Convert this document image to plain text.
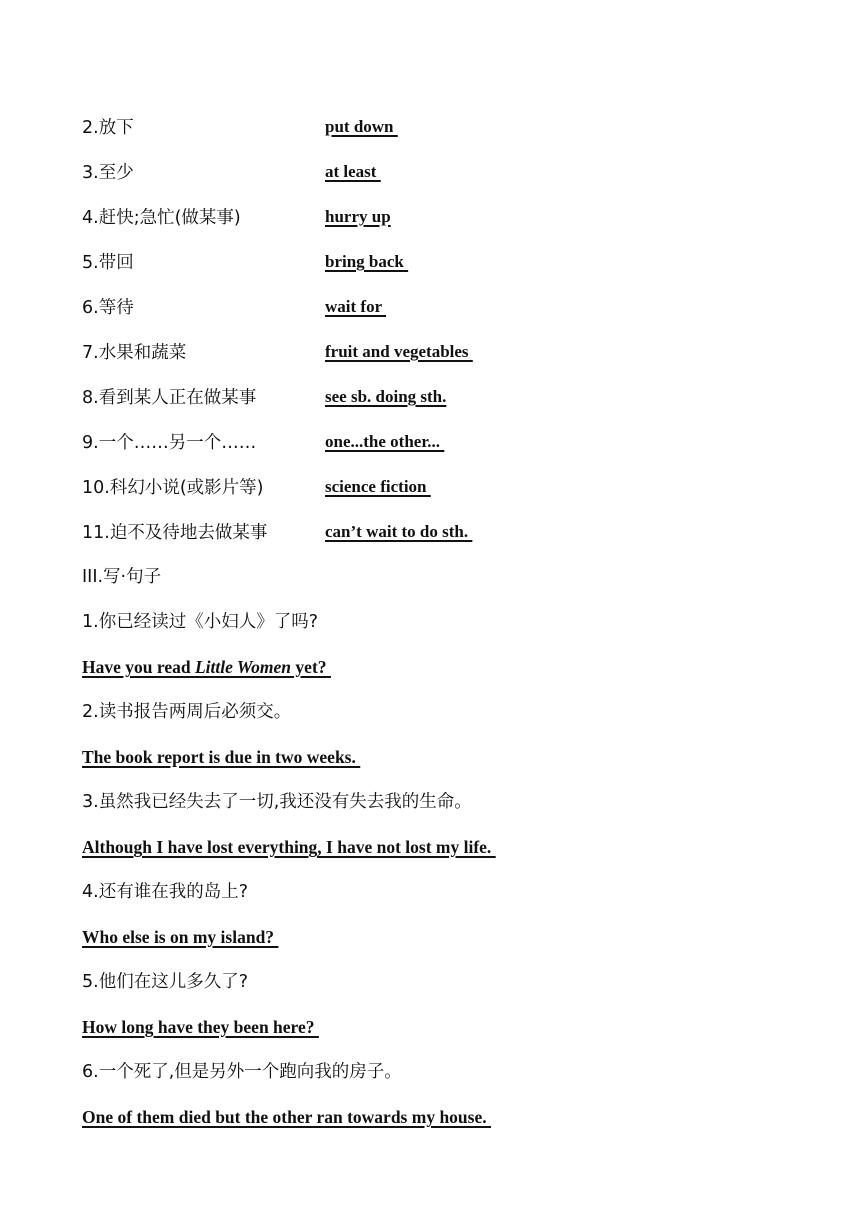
2.放下	put down
3.至少	at least
4.赶快;急忙(做某事)	hurry up
5.带回	bring back
6.等待	wait for
7.水果和蔬菜	fruit and vegetables
8.看到某人正在做某事	see sb. doing sth.
9.一个……另一个……	one...the other...
10.科幻小说(或影片等)	science fiction
11.迫不及待地去做某事	can’t wait to do sth.
III.写·句子
1.你已经读过《小妇人》了吗?
Have you read Little Women yet?
2.读书报告两周后必须交。
The book report is due in two weeks.
3.虽然我已经失去了一切,我还没有失去我的生命。
Although I have lost everything, I have not lost my life.
4.还有谁在我的岛上?
Who else is on my island?
5.他们在这儿多久了?
How long have they been here?
6.一个死了,但是另外一个跑向我的房子。
One of them died but the other ran towards my house.
